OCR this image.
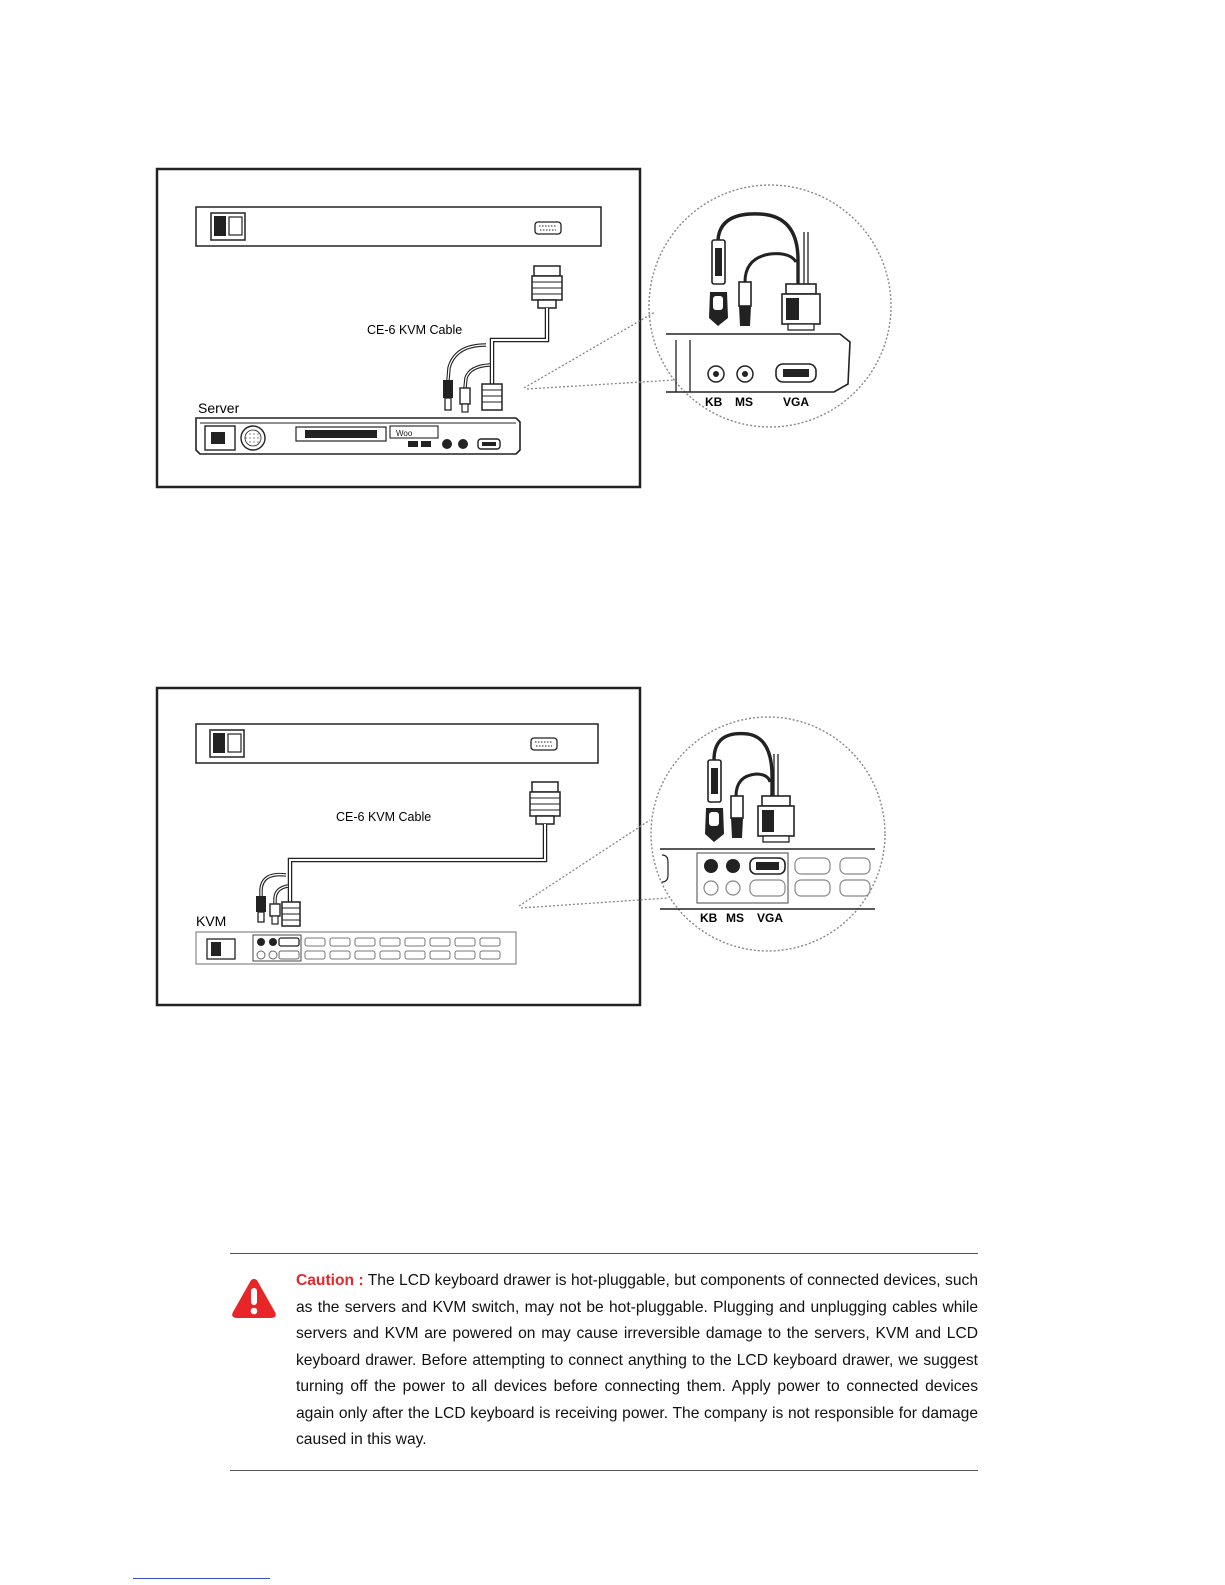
CE-6 KVM Cable
Server
Woo
KB MS	VGA
CE-6 KVM Cable
KVM	KB MS VGA
Caution : The LCD keyboard drawer is hot-pluggable, but components of connected devices, such as the servers and KVM switch, may not be hot-pluggable. Plugging and unplugging cables while servers and KVM are powered on may cause irreversible damage to the servers, KVM and LCD keyboard drawer. Before attempting to connect anything to the LCD keyboard drawer, we suggest turning off the power to all devices before connecting them. Apply power to connected devices again only after the LCD keyboard is receiving power. The company is not responsible for damage caused in this way.
